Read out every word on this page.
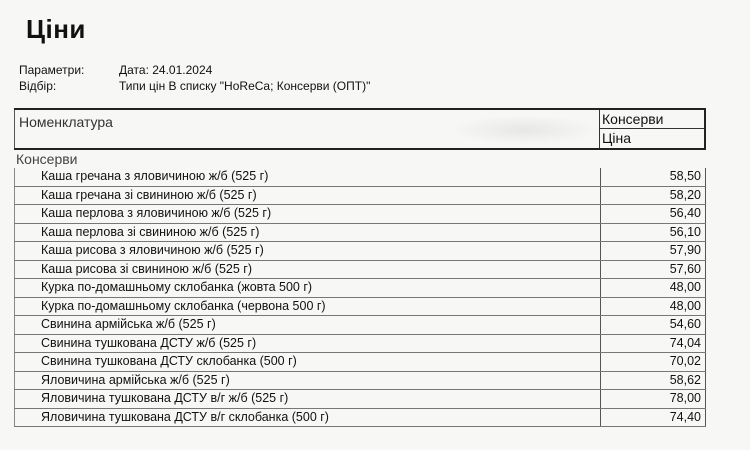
Ціни
Параметри:	Дата: 24.01.2024
Відбір:	Типи цін В списку "HoReCa; Консерви (ОПТ)"
Номенклатура	Консерви
Ціна
Консерви
Каша гречана з яловичиною ж/б (525 г)	58,50
Каша гречана зі свининою ж/б (525 г)	58,20
Каша перлова з яловичиною ж/б (525 г)	56,40
Каша перлова зі свининою ж/б (525 г)	56,10
Каша рисова з яловичиною ж/б (525 г)	57,90
Каша рисова зі свининою ж/б (525 г)	57,60
Курка по-домашньому склобанка (жовта 500 г)	48,00
Курка по-домашньому склобанка (червона 500 г)	48,00
Свинина армійська ж/б (525 г)	54,60
Свинина тушкована ДСТУ ж/б (525 г)	74,04
Свинина тушкована ДСТУ склобанка (500 г)	70,02
Яловичина армійська ж/б (525 г)	58,62
Яловичина тушкована ДСТУ в/г ж/б (525 г)	78,00
Яловичина тушкована ДСТУ в/г склобанка (500 г)	74,40
